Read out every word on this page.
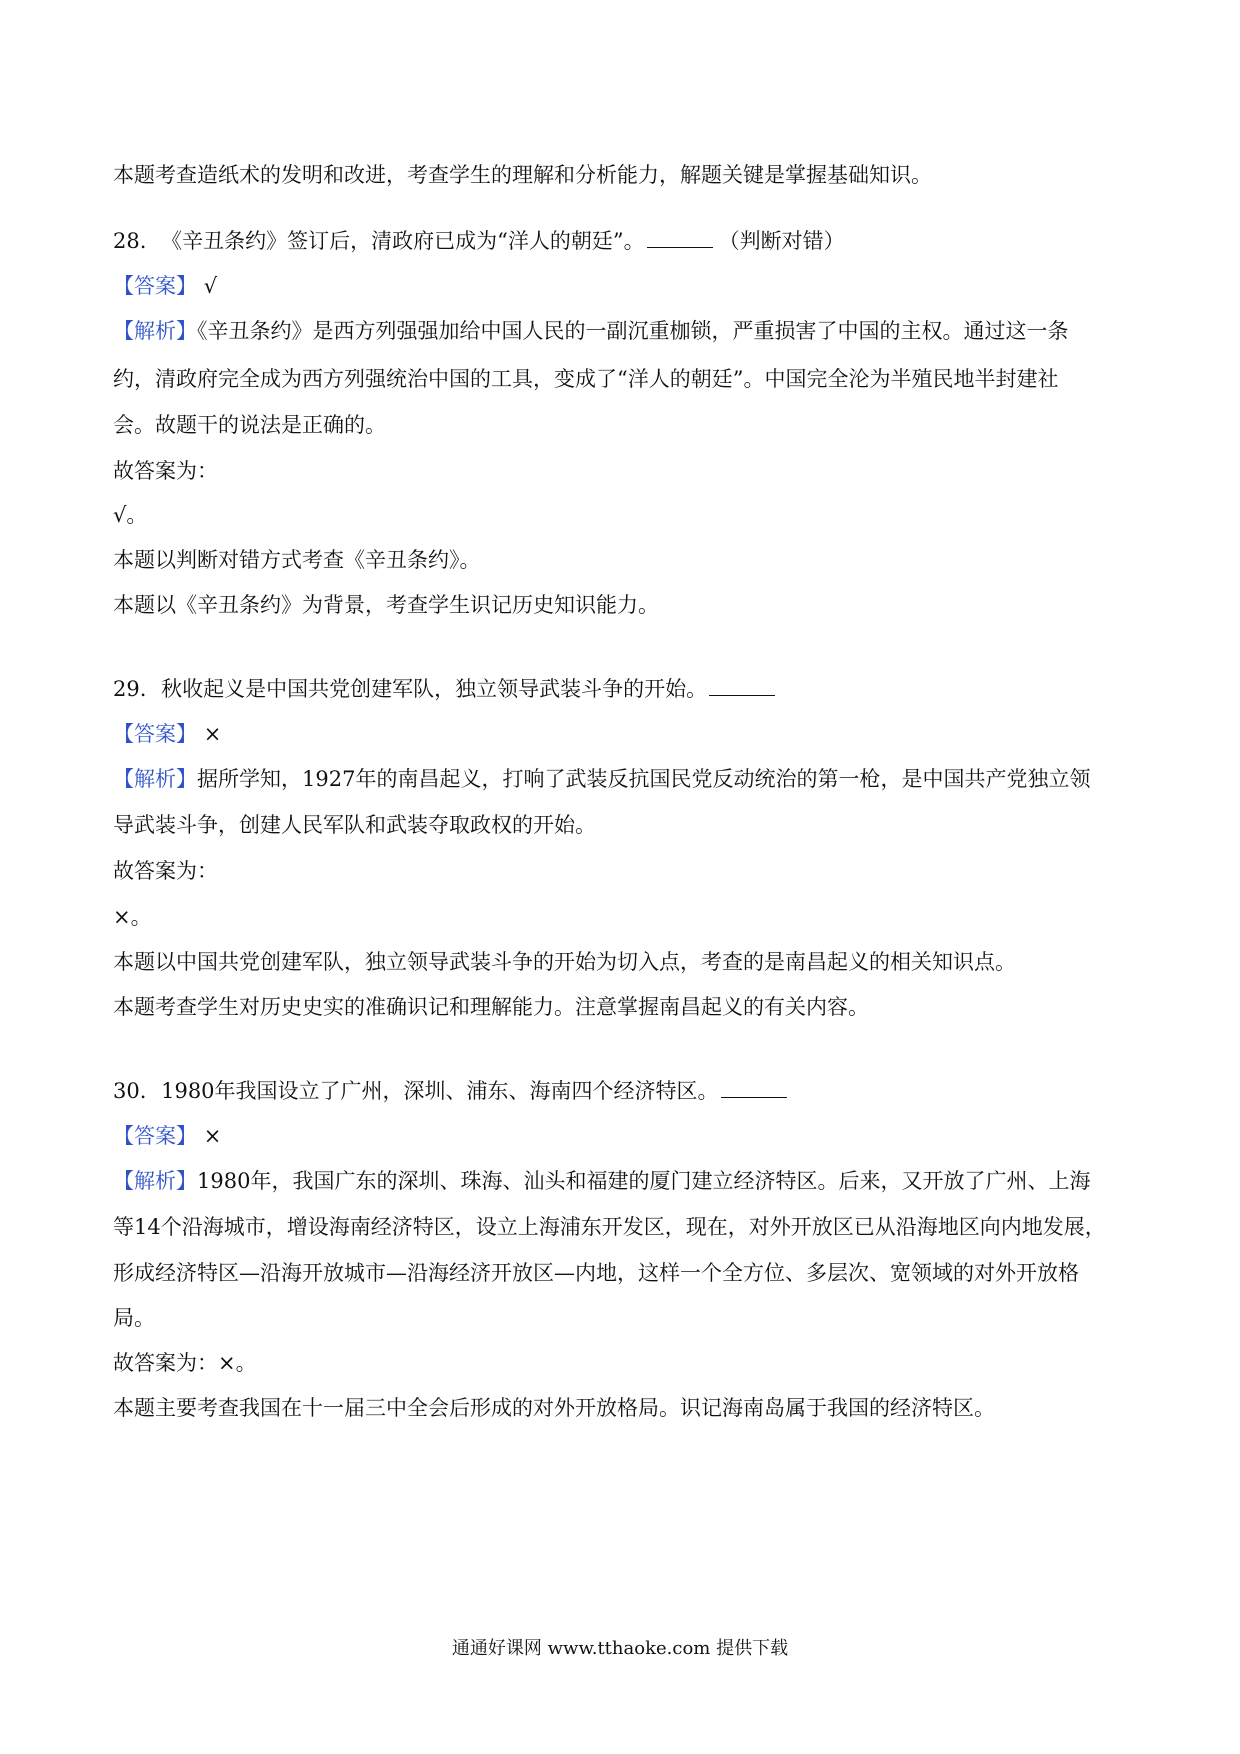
本题考查造纸术的发明和改进，考查学生的理解和分析能力，解题关键是掌握基础知识。
28. 《辛丑条约》签订后，清政府已成为“洋人的朝廷”。	（判断对错）
【答案】 √
【解析】《辛丑条约》是西方列强强加给中国人民的一副沉重枷锁，严重损害了中国的主权。通过这一条
约，清政府完全成为西方列强统治中国的工具，变成了“洋人的朝廷”。中国完全沦为半殖民地半封建社
会。故题干的说法是正确的。
故答案为：
√。
本题以判断对错方式考查《辛丑条约》。
本题以《辛丑条约》为背景，考查学生识记历史知识能力。
29. 秋收起义是中国共党创建军队，独立领导武装斗争的开始。
【答案】 ×
【解析】据所学知，1927年的南昌起义，打响了武装反抗国民党反动统治的第一枪，是中国共产党独立领
导武装斗争，创建人民军队和武装夺取政权的开始。
故答案为：
×。
本题以中国共党创建军队，独立领导武装斗争的开始为切入点，考查的是南昌起义的相关知识点。
本题考查学生对历史史实的准确识记和理解能力。注意掌握南昌起义的有关内容。
30. 1980年我国设立了广州，深圳、浦东、海南四个经济特区。
【答案】 ×
【解析】1980年，我国广东的深圳、珠海、汕头和福建的厦门建立经济特区。后来，又开放了广州、上海
等14个沿海城市，增设海南经济特区，设立上海浦东开发区，现在，对外开放区已从沿海地区向内地发展，
形成经济特区—沿海开放城市—沿海经济开放区—内地，这样一个全方位、多层次、宽领域的对外开放格
局。
故答案为：×。
本题主要考查我国在十一届三中全会后形成的对外开放格局。识记海南岛属于我国的经济特区。
通通好课网 www.tthaoke.com 提供下载
